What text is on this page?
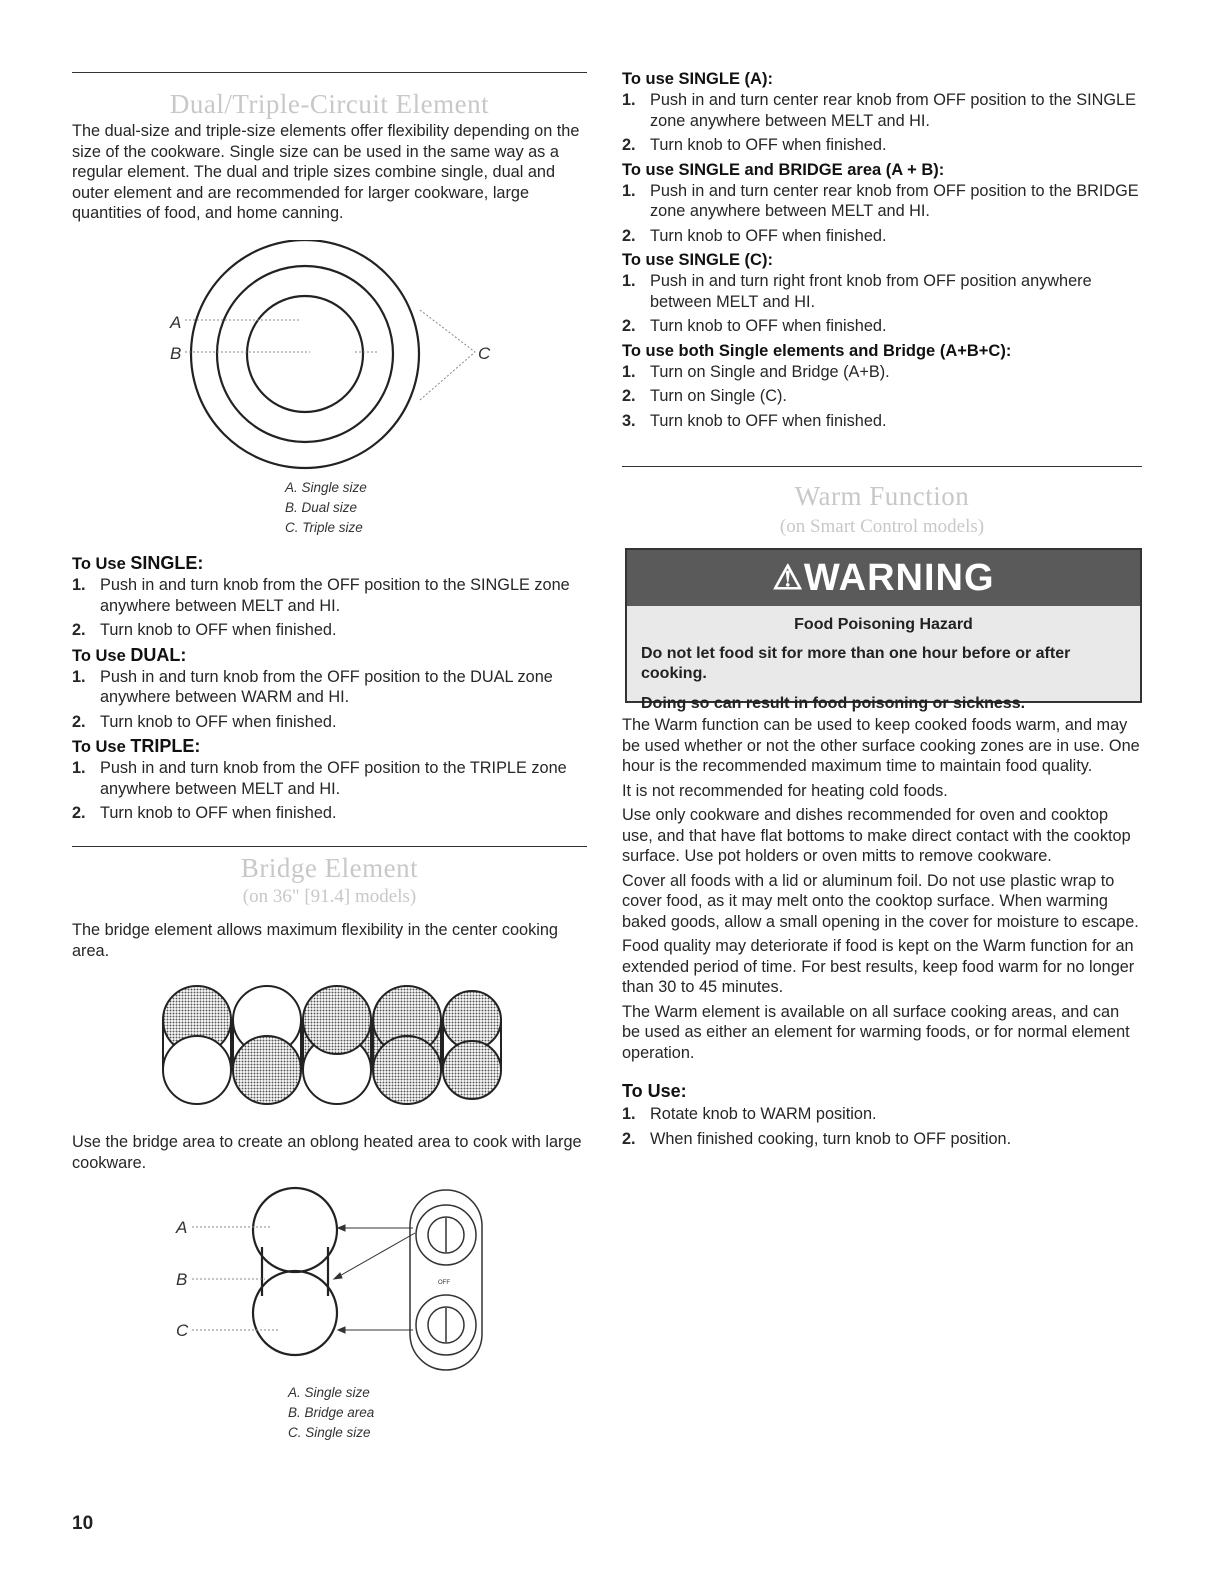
Dual/Triple-Circuit Element

The dual-size and triple-size elements offer flexibility depending on the size of the cookware. Single size can be used in the same way as a regular element. The dual and triple sizes combine single, dual and outer element and are recommended for larger cookware, large quantities of food, and home canning.

A
B	C
A. Single size
B. Dual size
C. Triple size

To Use SINGLE:

1. Push in and turn knob from the OFF position to the SINGLE zone anywhere between MELT and HI.
2. Turn knob to OFF when finished.

To Use DUAL:

1. Push in and turn knob from the OFF position to the DUAL zone anywhere between WARM and HI.
2. Turn knob to OFF when finished.

To Use TRIPLE:

1. Push in and turn knob from the OFF position to the TRIPLE zone anywhere between MELT and HI.
2. Turn knob to OFF when finished.
Bridge Element
(on 36" [91.4] models)

The bridge element allows maximum flexibility in the center cooking area.

Use the bridge area to create an oblong heated area to cook with large cookware.

OFF
A
B
C
A. Single size
B. Bridge area
C. Single size
10

To use SINGLE (A):

1. Push in and turn center rear knob from OFF position to the SINGLE zone anywhere between MELT and HI.
2. Turn knob to OFF when finished.

To use SINGLE and BRIDGE area (A + B):

1. Push in and turn center rear knob from OFF position to the BRIDGE zone anywhere between MELT and HI.
2. Turn knob to OFF when finished.

To use SINGLE (C):

1. Push in and turn right front knob from OFF position anywhere between MELT and HI.
2. Turn knob to OFF when finished.

To use both Single elements and Bridge (A+B+C):

1. Turn on Single and Bridge (A+B).
2. Turn on Single (C).
3. Turn knob to OFF when finished.
Warm Function
(on Smart Control models)
⚠ WARNING
Food Poisoning Hazard
Do not let food sit for more than one hour before or after cooking.
Doing so can result in food poisoning or sickness.

The Warm function can be used to keep cooked foods warm, and may be used whether or not the other surface cooking zones are in use. One hour is the recommended maximum time to maintain food quality.

It is not recommended for heating cold foods.

Use only cookware and dishes recommended for oven and cooktop use, and that have flat bottoms to make direct contact with the cooktop surface. Use pot holders or oven mitts to remove cookware.

Cover all foods with a lid or aluminum foil. Do not use plastic wrap to cover food, as it may melt onto the cooktop surface. When warming baked goods, allow a small opening in the cover for moisture to escape.

Food quality may deteriorate if food is kept on the Warm function for an extended period of time. For best results, keep food warm for no longer than 30 to 45 minutes.

The Warm element is available on all surface cooking areas, and can be used as either an element for warming foods, or for normal element operation.

To Use:

1. Rotate knob to WARM position.
2. When finished cooking, turn knob to OFF position.
